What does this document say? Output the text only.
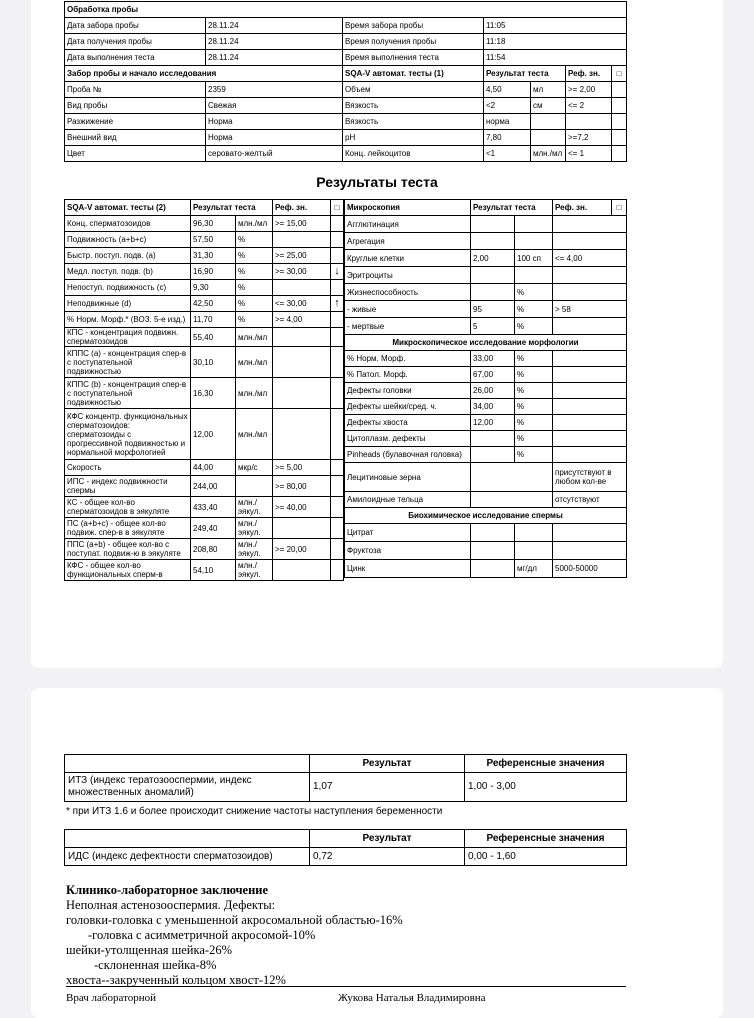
Обработка пробы						
Дата забора пробы	28.11.24	Время забора пробы	11:05			
Дата получения пробы	28.11.24	Время получения пробы	11:18			
Дата выполнения теста	28.11.24	Время выполнения теста	11:54			
Забор пробы и начало исследования		SQA-V автомат. тесты (1)	Результат теста		Реф. зн.	□
Проба №	2359	Объем	4,50	мл	>= 2,00	
Вид пробы	Свежая	Вязкость	<2	см	<= 2	
Разжижение	Норма	Вязкость	норма			
Внешний вид	Норма	pH	7,80		>=7,2	
Цвет	серовато-желтый	Конц. лейкоцитов	<1	млн./мл	<= 1	
Результаты теста
SQA-V автомат. тесты (2)	Результат теста		Реф. зн.	□
Конц. сперматозоидов	96,30	млн./мл	>= 15,00	
Подвижность (a+b+c)	57,50	%		
Быстр. поступ. подв. (a)	31,30	%	>= 25,00	
Медл. поступ. подв. (b)	16,90	%	>= 30,00	↓
Непоступ. подвижность (c)	9,30	%		
Неподвижные (d)	42,50	%	<= 30,00	↑
% Норм. Морф.* (ВОЗ. 5-е изд.)	11,70	%	>= 4,00	
КПС - концентрация подвижн. сперматозоидов	55,40	млн./мл		
КППС (а) - концентрация спер-в с поступательной подвижностью	30,10	млн./мл		
КППС (b) - концентрация спер-в с поступательной подвижностью	16,30	млн./мл		
КФС концентр. функциональных сперматозоидов: сперматозоиды с прогрессивной подвижностью и нормальной морфологией	12,00	млн./мл		
Скорость	44,00	мкр/с	>= 5,00	
ИПС - индекс подвижности спермы	244,00		>= 80,00	
КС - общее кол-во сперматозоидов в эякуляте	433,40	млн./эякул.	>= 40,00	
ПС (a+b+c) - общее кол-во подвиж. спер-в в эякуляте	249,40	млн./эякул.		
ППС (a+b) - общее кол-во с поступат. подвиж-ю в эякуляте	208,80	млн./эякул.	>= 20,00	
КФС - общее кол-во функциональных сперм-в	54,10	млн./эякул.		
Микроскопия	Результат теста		Реф. зн.	□
Агглютинация				
Агрегация				
Круглые клетки	2,00	100 сп	<= 4,00	
Эритроциты				
Жизнеспособность		%		
- живые	95	%	> 58	
- мертвые	5	%		
Микроскопическое исследование морфологии				
% Норм. Морф.	33,00	%		
% Патол. Морф.	67,00	%		
Дефекты головки	26,00	%		
Дефекты шейки/сред. ч.	34,00	%		
Дефекты хвоста	12,00	%		
Цитоплазм. дефекты		%		
Pinheads (булавочная головка)		%		
Лецитиновые зерна			присутствуют в любом кол-ве	
Амилоидные тельца			отсутствуют	
Биохимическое исследование спермы				
Цитрат				
Фруктоза				
Цинк		мг/дл	5000-50000	
	Результат	Референсные значения
ИТЗ (индекс тератозооспермии, индекс множественных аномалий)	1,07	1,00 - 3,00
* при ИТЗ 1.6 и более происходит снижение частоты наступления беременности
	Результат	Референсные значения
ИДС (индекс дефектности сперматозоидов)	0,72	0,00 - 1,60
Клинико-лабораторное заключение
Неполная астенозооспермия. Дефекты:
головки-головка с уменьшенной акросомальной областью-16%
-головка с асимметричной акросомой-10%
шейки-утолщенная шейка-26%
-склоненная шейка-8%
хвоста--закрученный кольцом хвост-12%
Врач лабораторной	Жукова Наталья Владимировна
